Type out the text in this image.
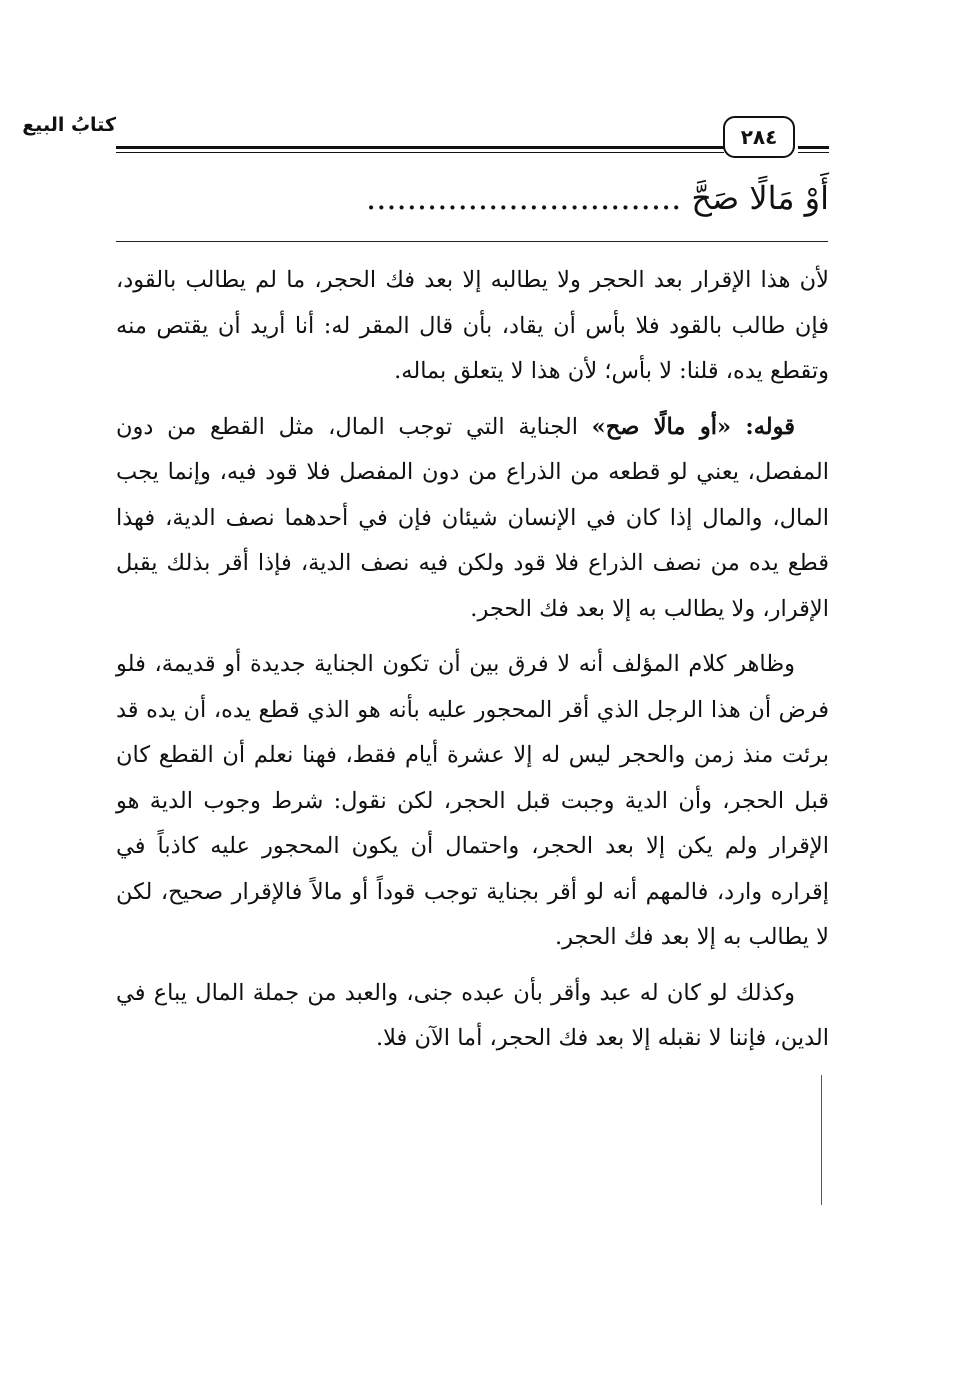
كتابُ البيع	٢٨٤
أَوْ مَالًا صَحَّ...............................

لأن هذا الإقرار بعد الحجر ولا يطالبه إلا بعد فك الحجر، ما لم يطالب بالقود، فإن طالب بالقود فلا بأس أن يقاد، بأن قال المقر له: أنا أريد أن يقتص منه وتقطع يده، قلنا: لا بأس؛ لأن هذا لا يتعلق بماله.

قوله: «أو مالًا صح» الجناية التي توجب المال، مثل القطع من دون المفصل، يعني لو قطعه من الذراع من دون المفصل فلا قود فيه، وإنما يجب المال، والمال إذا كان في الإنسان شيئان فإن في أحدهما نصف الدية، فهذا قطع يده من نصف الذراع فلا قود ولكن فيه نصف الدية، فإذا أقر بذلك يقبل الإقرار، ولا يطالب به إلا بعد فك الحجر.

وظاهر كلام المؤلف أنه لا فرق بين أن تكون الجناية جديدة أو قديمة، فلو فرض أن هذا الرجل الذي أقر المحجور عليه بأنه هو الذي قطع يده، أن يده قد برئت منذ زمن والحجر ليس له إلا عشرة أيام فقط، فهنا نعلم أن القطع كان قبل الحجر، وأن الدية وجبت قبل الحجر، لكن نقول: شرط وجوب الدية هو الإقرار ولم يكن إلا بعد الحجر، واحتمال أن يكون المحجور عليه كاذباً في إقراره وارد، فالمهم أنه لو أقر بجناية توجب قوداً أو مالاً فالإقرار صحيح، لكن لا يطالب به إلا بعد فك الحجر.

وكذلك لو كان له عبد وأقر بأن عبده جنى، والعبد من جملة المال يباع في الدين، فإننا لا نقبله إلا بعد فك الحجر، أما الآن فلا.
